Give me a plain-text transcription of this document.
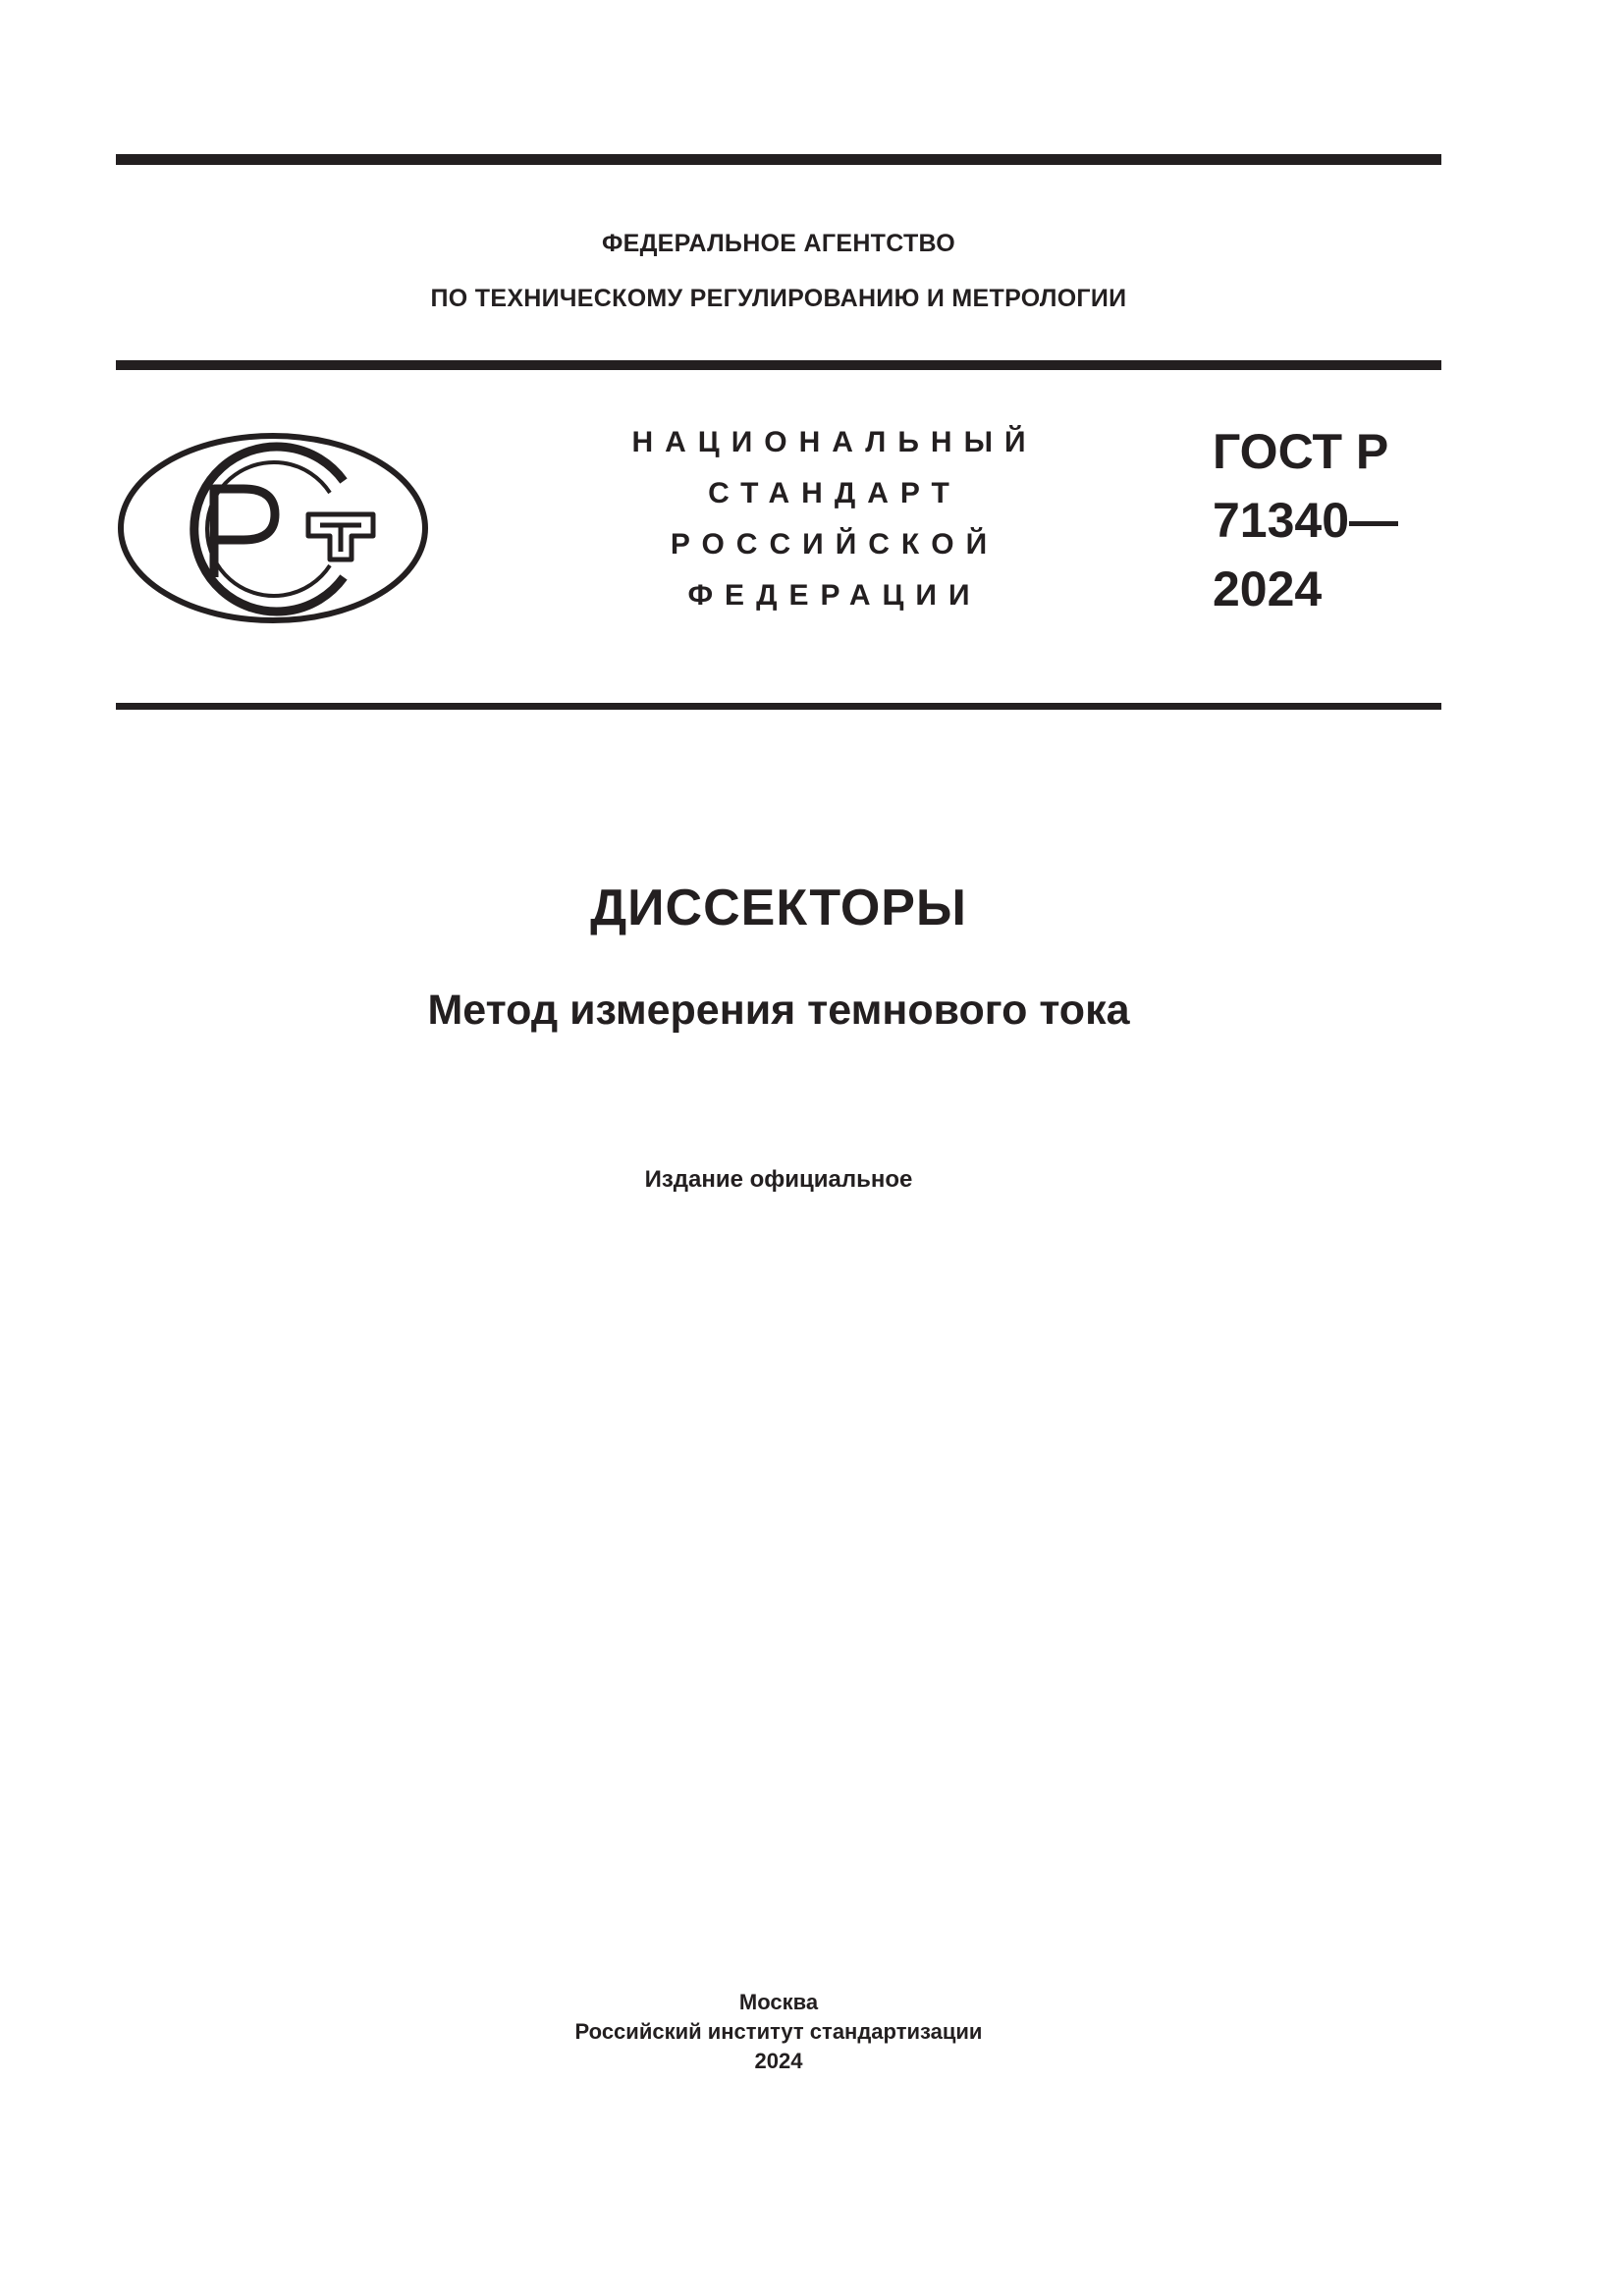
ФЕДЕРАЛЬНОЕ АГЕНТСТВО
ПО ТЕХНИЧЕСКОМУ РЕГУЛИРОВАНИЮ И МЕТРОЛОГИИ
НАЦИОНАЛЬНЫЙ
СТАНДАРТ
РОССИЙСКОЙ
ФЕДЕРАЦИИ
ГОСТ Р
71340—
2024
ДИССЕКТОРЫ
Метод измерения темнового тока
Издание официальное
Москва
Российский институт стандартизации
2024
